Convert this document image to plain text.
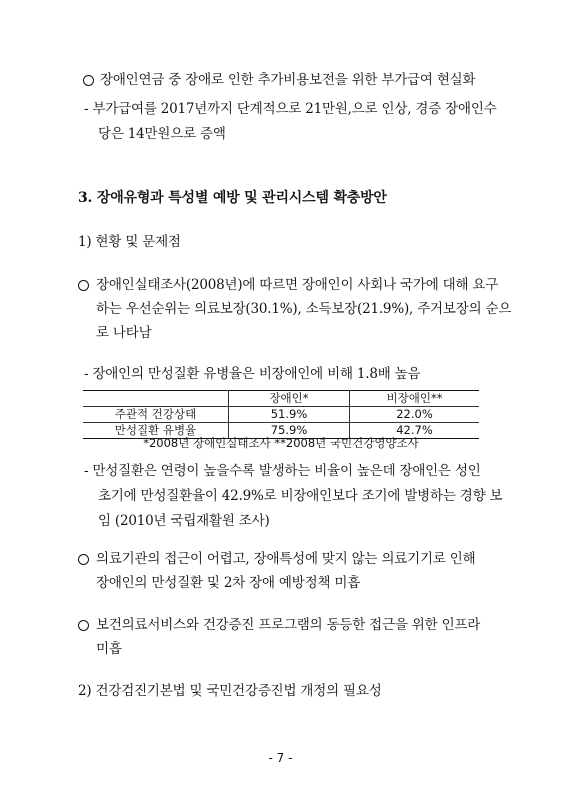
장애인연금 중 장애로 인한 추가비용보전을 위한 부가급여 현실화
- 부가급여를 2017년까지 단계적으로 21만원,으로 인상, 경증 장애인수
당은 14만원으로 증액
3. 장애유형과 특성별 예방 및 관리시스템 확충방안
1) 현황 및 문제점
장애인실태조사(2008년)에 따르면 장애인이 사회나 국가에 대해 요구
하는 우선순위는 의료보장(30.1%), 소득보장(21.9%), 주거보장의 순으
로 나타남
- 장애인의 만성질환 유병율은 비장애인에 비해 1.8배 높음
	장애인*	비장애인**
주관적 건강상태	51.9%	22.0%
만성질환 유병율	75.9%	42.7%
*2008년 장애인실태조사 **2008년 국민건강영양조사
- 만성질환은 연령이 높을수록 발생하는 비율이 높은데 장애인은 성인
초기에 만성질환율이 42.9%로 비장애인보다 조기에 발병하는 경향 보
임 (2010년 국립재활원 조사)
의료기관의 접근이 어렵고, 장애특성에 맞지 않는 의료기기로 인해
장애인의 만성질환 및 2차 장애 예방정책 미흡
보건의료서비스와 건강증진 프로그램의 동등한 접근을 위한 인프라
미흡
2) 건강검진기본법 및 국민건강증진법 개정의 필요성
- 7 -
